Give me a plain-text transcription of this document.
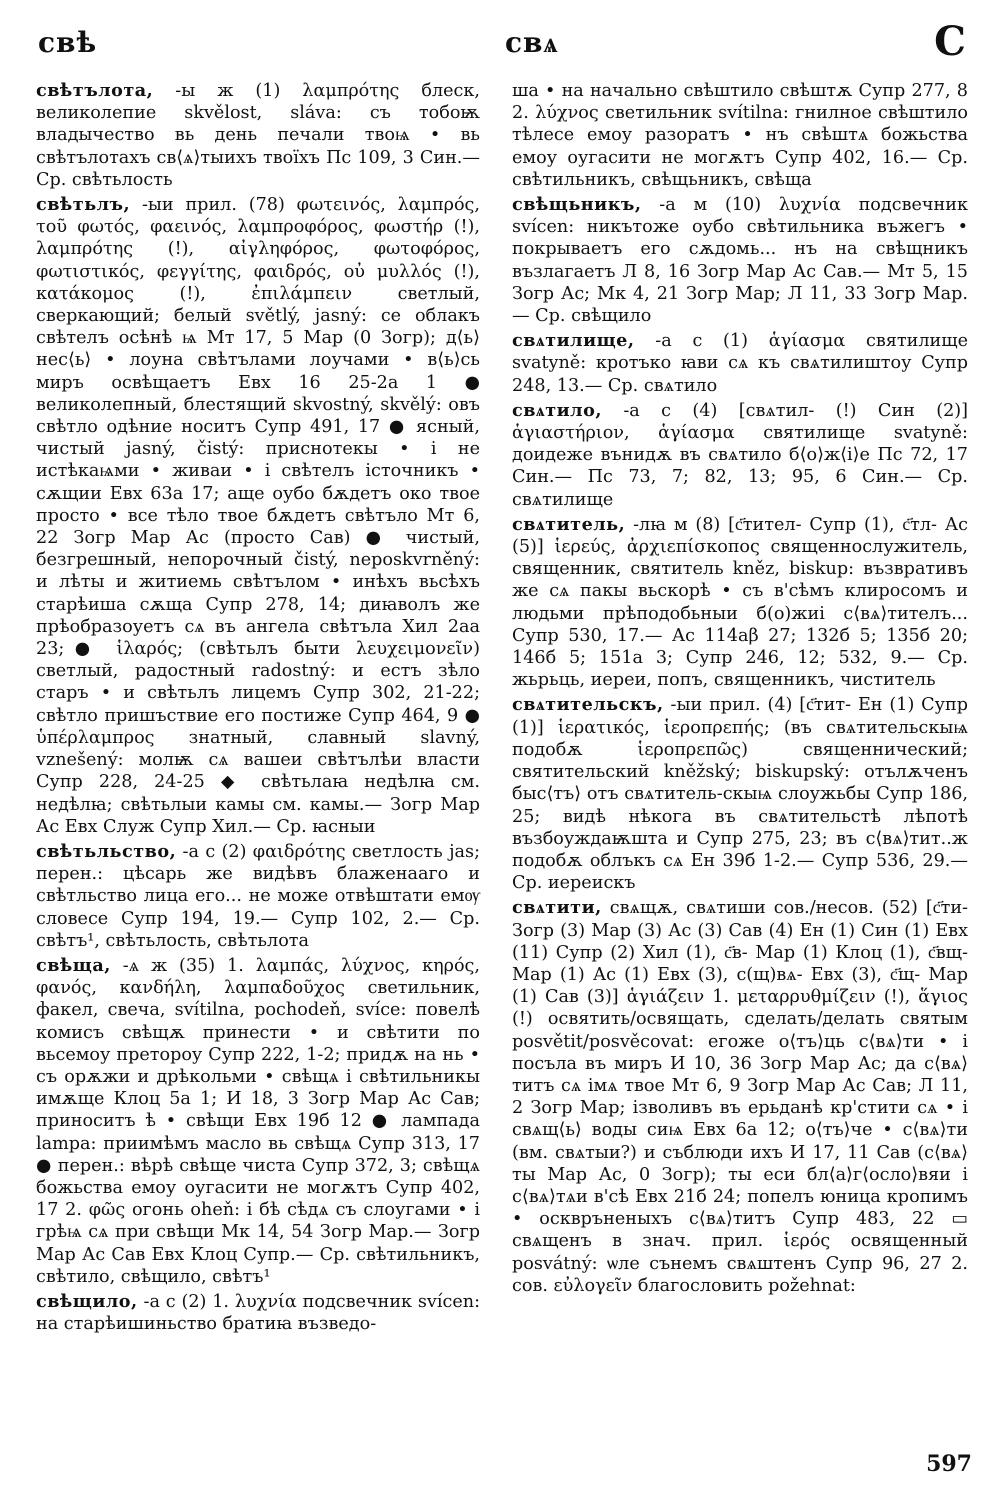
свѣ	свѧ	С

свѣтълота, -ы ж (1) λαμπρότης блеск, великолепие skvělost, sláva: съ тобоѭ владычество вь день печали твоѩ • вь свѣтълотахъ св⟨ѧ⟩тыихъ твоїхъ Пс 109, 3 Син.— Ср. свѣтьлость

свѣтьлъ, -ыи прил. (78) φωτεινός, λαμπρός, τοῦ φωτός, φαεινός, λαμπροφόρος, φωστήρ (!), λαμπρότης (!), αἰγληφόρος, φωτοφόρος, φωτιστικός, φεγγίτης, φαιδρός, οὐ μυλλός (!), κατάκομος (!), ἐπιλάμπειν светлый, сверкающий; белый světlý, jasný: се облакъ свѣтелъ осѣнѣ ѩ Мт 17, 5 Мар (0 Зогр); д⟨ь⟩нес⟨ь⟩ • лоуна свѣтълами лоучами • в⟨ь⟩сь миръ освѣщаетъ Евх 16 25-2а 1 ● великолепный, блестящий skvostný, skvělý: овъ свѣтло одѣние носитъ Супр 491, 17 ● ясный, чистый jasný, čistý: приснотекы • і не истѣкаѩми • живаи • і свѣтелъ істочникъ • сѫщии Евх 63а 17; аще оубо бѫдетъ око твое просто • все тѣло твое бѫдетъ свѣтъло Мт 6, 22 Зогр Мар Ас (просто Сав) ● чистый, безгрешный, непорочный čistý, neposkvrněný: и лѣты и житиемь свѣтълом • инѣхъ вьсѣхъ старѣиша сѫща Супр 278, 14; диꙗволъ же прѣобразоуетъ сѧ въ ангела свѣтъла Хил 2аа 23;● ἱλαρός; (свѣтьлъ быти λευχειμονεῖν) светлый, радостный radostný: и естъ зѣло старъ • и свѣтьлъ лицемъ Супр 302, 21-22; свѣтло пришъствие его постиже Супр 464, 9 ● ὑπέρλαμπρος знатный, славный slavný, vznešený: молѭ сѧ вашеи свѣтълѣи власти Супр 228, 24-25 ◆ свѣтьлаꙗ недѣлꙗ см. недѣлꙗ; свѣтьлыи камы см. камы.— Зогр Мар Ас Евх Служ Супр Хил.— Ср. ꙗсныи

свѣтьльство, -а с (2) φαιδρότης светлость jas; перен.: цѣсарь же видѣвъ блаженааго и свѣтльство лица его... не може отвѣштати емѹ словесе Супр 194, 19.— Супр 102, 2.— Ср. свѣтъ¹, свѣтьлость, свѣтьлота

свѣща, -ѧ ж (35) 1. λαμπάς, λύχνος, κηρός, φανός, κανδήλη, λαμπαδοῦχος светильник, факел, свеча, svítilna, pochodeň, svíce: повелѣ комисъ свѣщѫ принести • и свѣтити по вьсемоу претороу Супр 222, 1-2; придѫ на нь • съ орѫжи и дрѣкольми • свѣщѧ і свѣтильникы имѫще Клоц 5а 1; И 18, 3 Зогр Мар Ас Сав; приноситъ ѣ • свѣщи Евх 19б 12 ● лампада lampa: приимѣмъ масло вь свѣщѧ Супр 313, 17 ● перен.: вѣрѣ свѣще чиста Супр 372, 3; свѣщѧ божьства емоу оугасити не могѫтъ Супр 402, 17 2. φῶς огонь oheň: і бѣ сѣдѧ съ слоугами • і грѣѩ сѧ при свѣщи Мк 14, 54 Зогр Мар.— Зогр Мар Ас Сав Евх Клоц Супр.— Ср. свѣтильникъ, свѣтило, свѣщило, свѣтъ¹

свѣщило, -а с (2) 1. λυχνία подсвечник svícen: на старѣишиньство братиꙗ възведо-

ша • на начально свѣштило свѣштѫ Супр 277, 8 2. λύχνος светильник svítilna: гнилное свѣштило тѣлесе емоу разоратъ • нъ свѣштѧ божьства емоу оугасити не могѫтъ Супр 402, 16.— Ср. свѣтильникъ, свѣщьникъ, свѣща

свѣщьникъ, -а м (10) λυχνία подсвечник svícen: никътоже оубо свѣтильника въжегъ • покрываетъ его сѫдомь... нъ на свѣщникъ възлагаетъ Л 8, 16 Зогр Мар Ас Сав.— Мт 5, 15 Зогр Ас; Мк 4, 21 Зогр Мар; Л 11, 33 Зогр Мар.— Ср. свѣщило

свѧтилище, -а с (1) ἁγίασμα святилище svatyně: кротъко ꙗви сѧ къ свѧтилиштоу Супр 248, 13.— Ср. свѧтило

свѧтило, -а с (4) [свѧтил- (!) Син (2)] ἁγιαστήριον, ἁγίασμα святилище svatyně: доидеже вънидѫ въ свѧтило б⟨о⟩ж⟨і⟩е Пс 72, 17 Син.— Пс 73, 7; 82, 13; 95, 6 Син.— Ср. свѧтилище

свѧтитель, -лꙗ м (8) [с҃тител- Супр (1), с҃тл- Ас (5)] ἱερεύς, ἀρχιεπίσκοπος священнослужитель, священник, святитель kněz, biskup: възвративъ же сѧ пакы вьскорѣ • съ в'сѣмъ клиросомъ и людьми прѣподобьныи б(о)жиі с⟨вѧ⟩тителъ... Супр 530, 17.— Ас 114аβ 27; 132б 5; 135б 20; 146б 5; 151а 3; Супр 246, 12; 532, 9.— Ср. жьрьць, иереи, попъ, священникъ, чиститель

свѧтительскъ, -ыи прил. (4) [с҃тит- Ен (1) Супр (1)] ἱερατικός, ἱεροπρεπής; (въ свѧтительскыѩ подобѫ ἱεροπρεπῶς) священнический; святительский kněžský; biskupský: отълѫченъ быс⟨тъ⟩ отъ свѧтитель-скыѩ слоужьбы Супр 186, 25; видѣ нѣкога въ свѧтительстѣ лѣпотѣ възбоуждаѭшта и Супр 275, 23; въ с⟨вѧ⟩тит..ж подобѫ облъкъ сѧ Ен 39б 1-2.— Супр 536, 29.— Ср. иереискъ

свѧтити, свѧщѫ, свѧтиши сов./несов. (52) [с҃ти- Зогр (3) Мар (3) Ас (3) Сав (4) Ен (1) Син (1) Евх (11) Супр (2) Хил (1), с҃в- Мар (1) Клоц (1), с҃вщ- Мар (1) Ас (1) Евх (3), с(щ)вѧ- Евх (3), с҃щ- Мар (1) Сав (3)] ἁγιάζειν 1. μεταρρυθμίζειν (!), ἅγιος (!) освятить/освящать, сделать/делать святым posvětit/posvěcovat: егоже о⟨тъ⟩ць с⟨вѧ⟩ти • і посъла въ миръ И 10, 36 Зогр Мар Ас; да с⟨вѧ⟩титъ сѧ імѧ твое Мт 6, 9 Зогр Мар Ас Сав; Л 11, 2 Зогр Мар; ізволивъ въ ерьданѣ кр'стити сѧ • і свѧщ⟨ь⟩ воды сиѩ Евх 6а 12; о⟨тъ⟩че • с⟨вѧ⟩ти (вм. свѧтыи?) и съблюди ихъ И 17, 11 Сав (с⟨вѧ⟩ты Мар Ас, 0 Зогр); ты еси бл⟨а⟩г⟨осло⟩вяи і с⟨вѧ⟩тѧи в'сѣ Евх 21б 24; попелъ юница кропимъ • осквръненыхъ с⟨вѧ⟩титъ Супр 483, 22 ▭ свѧщенъ в знач. прил. ἱερός освященный posvátný: ѡле сънемъ свѧштенъ Супр 96, 27 2. сов. εὐλογεῖν благословить požehnat:

597
